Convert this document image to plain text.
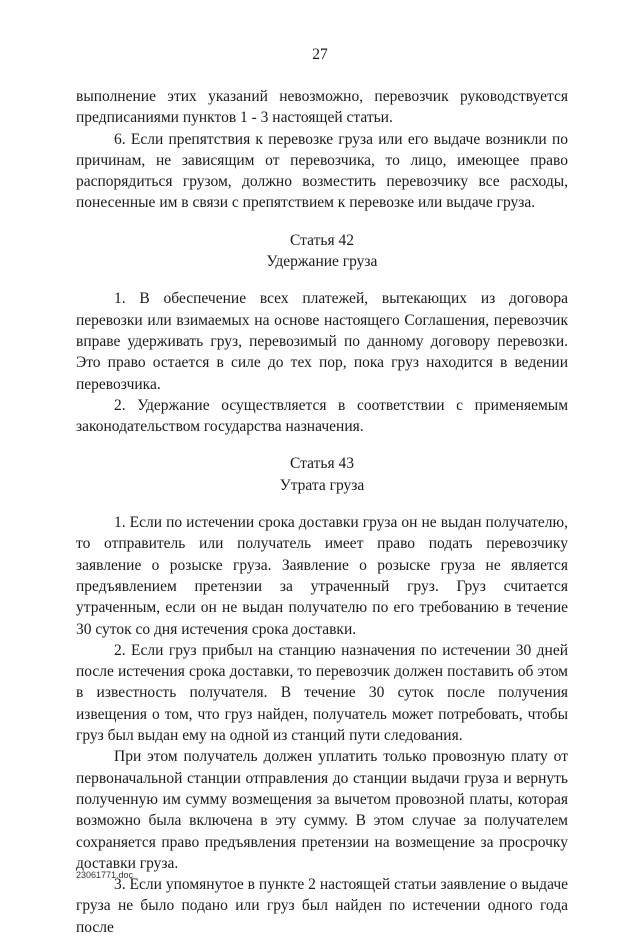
27

выполнение этих указаний невозможно, перевозчик руководствуется предписаниями пунктов 1 - 3 настоящей статьи.

6. Если препятствия к перевозке груза или его выдаче возникли по причинам, не зависящим от перевозчика, то лицо, имеющее право распорядиться грузом, должно возместить перевозчику все расходы, понесенные им в связи с препятствием к перевозке или выдаче груза.

Статья 42

Удержание груза

1. В обеспечение всех платежей, вытекающих из договора перевозки или взимаемых на основе настоящего Соглашения, перевозчик вправе удерживать груз, перевозимый по данному договору перевозки. Это право остается в силе до тех пор, пока груз находится в ведении перевозчика.

2. Удержание осуществляется в соответствии с применяемым законодательством государства назначения.

Статья 43

Утрата груза

1. Если по истечении срока доставки груза он не выдан получателю, то отправитель или получатель имеет право подать перевозчику заявление о розыске груза. Заявление о розыске груза не является предъявлением претензии за утраченный груз. Груз считается утраченным, если он не выдан получателю по его требованию в течение 30 суток со дня истечения срока доставки.

2. Если груз прибыл на станцию назначения по истечении 30 дней после истечения срока доставки, то перевозчик должен поставить об этом в известность получателя. В течение 30 суток после получения извещения о том, что груз найден, получатель может потребовать, чтобы груз был выдан ему на одной из станций пути следования.

При этом получатель должен уплатить только провозную плату от первоначальной станции отправления до станции выдачи груза и вернуть полученную им сумму возмещения за вычетом провозной платы, которая возможно была включена в эту сумму. В этом случае за получателем сохраняется право предъявления претензии на возмещение за просрочку доставки груза.

3. Если упомянутое в пункте 2 настоящей статьи заявление о выдаче груза не было подано или груз был найден по истечении одного года после

23061771.doc
